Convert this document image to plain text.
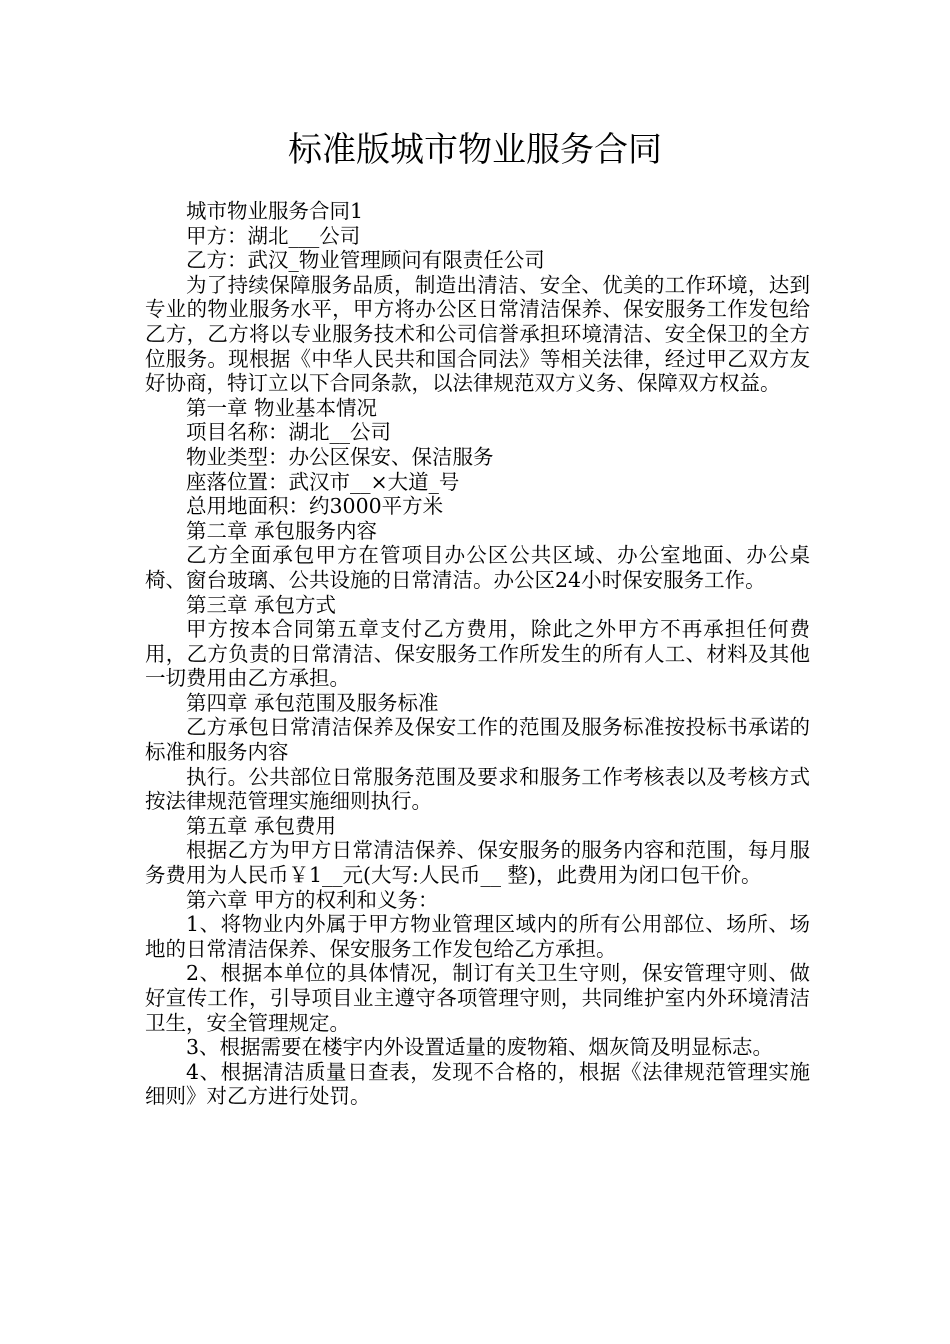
标准版城市物业服务合同

城市物业服务合同1

甲方：湖北___公司

乙方：武汉_物业管理顾问有限责任公司

为了持续保障服务品质，制造出清洁、安全、优美的工作环境，达到专业的物业服务水平，甲方将办公区日常清洁保养、保安服务工作发包给乙方，乙方将以专业服务技术和公司信誉承担环境清洁、安全保卫的全方位服务。现根据《中华人民共和国合同法》等相关法律，经过甲乙双方友好协商，特订立以下合同条款，以法律规范双方义务、保障双方权益。

第一章 物业基本情况

项目名称：湖北__公司

物业类型：办公区保安、保洁服务

座落位置：武汉市__×大道_号

总用地面积：约3000平方米

第二章 承包服务内容

乙方全面承包甲方在管项目办公区公共区域、办公室地面、办公桌椅、窗台玻璃、公共设施的日常清洁。办公区24小时保安服务工作。

第三章 承包方式

甲方按本合同第五章支付乙方费用，除此之外甲方不再承担任何费用，乙方负责的日常清洁、保安服务工作所发生的所有人工、材料及其他一切费用由乙方承担。

第四章 承包范围及服务标准

乙方承包日常清洁保养及保安工作的范围及服务标准按投标书承诺的标准和服务内容

执行。公共部位日常服务范围及要求和服务工作考核表以及考核方式按法律规范管理实施细则执行。

第五章 承包费用

根据乙方为甲方日常清洁保养、保安服务的服务内容和范围，每月服务费用为人民币￥1__元(大写:人民币__ 整)，此费用为闭口包干价。

第六章 甲方的权利和义务：

1、将物业内外属于甲方物业管理区域内的所有公用部位、场所、场地的日常清洁保养、保安服务工作发包给乙方承担。

2、根据本单位的具体情况，制订有关卫生守则，保安管理守则、做好宣传工作，引导项目业主遵守各项管理守则，共同维护室内外环境清洁卫生，安全管理规定。

3、根据需要在楼宇内外设置适量的废物箱、烟灰筒及明显标志。

4、根据清洁质量日查表，发现不合格的，根据《法律规范管理实施细则》对乙方进行处罚。
